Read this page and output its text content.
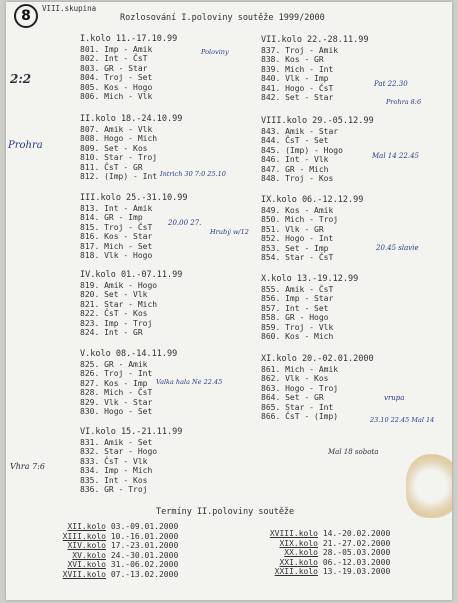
8	VIII.skupina
Rozlosování I.poloviny soutěže 1999/2000
I.kolo 11.-17.10.99
801. Imp - Amik
802. Int - ČsT
803. GR - Star
804. Troj - Set
805. Kos - Hogo
806. Mich - Vlk
II.kolo 18.-24.10.99
807. Amik - Vlk
808. Hogo - Mich
809. Set - Kos
810. Star - Troj
811. ČsT - GR
812. (Imp) - Int
III.kolo 25.-31.10.99
813. Int - Amik
814. GR - Imp
815. Troj - ČsT
816. Kos - Star
817. Mich - Set
818. Vlk - Hogo
IV.kolo 01.-07.11.99
819. Amik - Hogo
820. Set - Vlk
821. Star - Mich
822. ČsT - Kos
823. Imp - Troj
824. Int - GR
V.kolo 08.-14.11.99
825. GR - Amik
826. Troj - Int
827. Kos - Imp
828. Mich - ČsT
829. Vlk - Star
830. Hogo - Set
VI.kolo 15.-21.11.99
831. Amik - Set
832. Star - Hogo
833. ČsT - Vlk
834. Imp - Mich
835. Int - Kos
836. GR - Troj
VII.kolo 22.-28.11.99
837. Troj - Amik
838. Kos - GR
839. Mich - Int
840. Vlk - Imp
841. Hogo - ČsT
842. Set - Star
VIII.kolo 29.-05.12.99
843. Amik - Star
844. ČsT - Set
845. (Imp) - Hogo
846. Int - Vlk
847. GR - Mich
848. Troj - Kos
IX.kolo 06.-12.12.99
849. Kos - Amik
850. Mich - Troj
851. Vlk - GR
852. Hogo - Int
853. Set - Imp
854. Star - ČsT
X.kolo 13.-19.12.99
855. Amik - ČsT
856. Imp - Star
857. Int - Set
858. GR - Hogo
859. Troj - Vlk
860. Kos - Mich
XI.kolo 20.-02.01.2000
861. Mich - Amik
862. Vlk - Kos
863. Hogo - Troj
864. Set - GR
865. Star - Int
866. ČsT - (Imp)
Termíny II.poloviny soutěže
XII.kolo 03.-09.01.2000
XIII.kolo 10.-16.01.2000
XIV.kolo 17.-23.01.2000
XV.kolo 24.-30.01.2000
XVI.kolo 31.-06.02.2000
XVII.kolo 07.-13.02.2000
XVIII.kolo 14.-20.02.2000
XIX.kolo 21.-27.02.2000
XX.kolo 28.-05.03.2000
XXI.kolo 06.-12.03.2000
XXII.kolo 13.-19.03.2000
2:2
Poloviny
Prohra
Intrich 30 7:0 25.10
20.00 27.
Hrubý w/12
Valka hala Ne 22.45
Vhra 7:6
Pat 22.30
Prohra 8:6
Mal 14 22.45
20.45 slavie
vrupa
23.10 22.45 Mal 14
Mal 18 sobota
